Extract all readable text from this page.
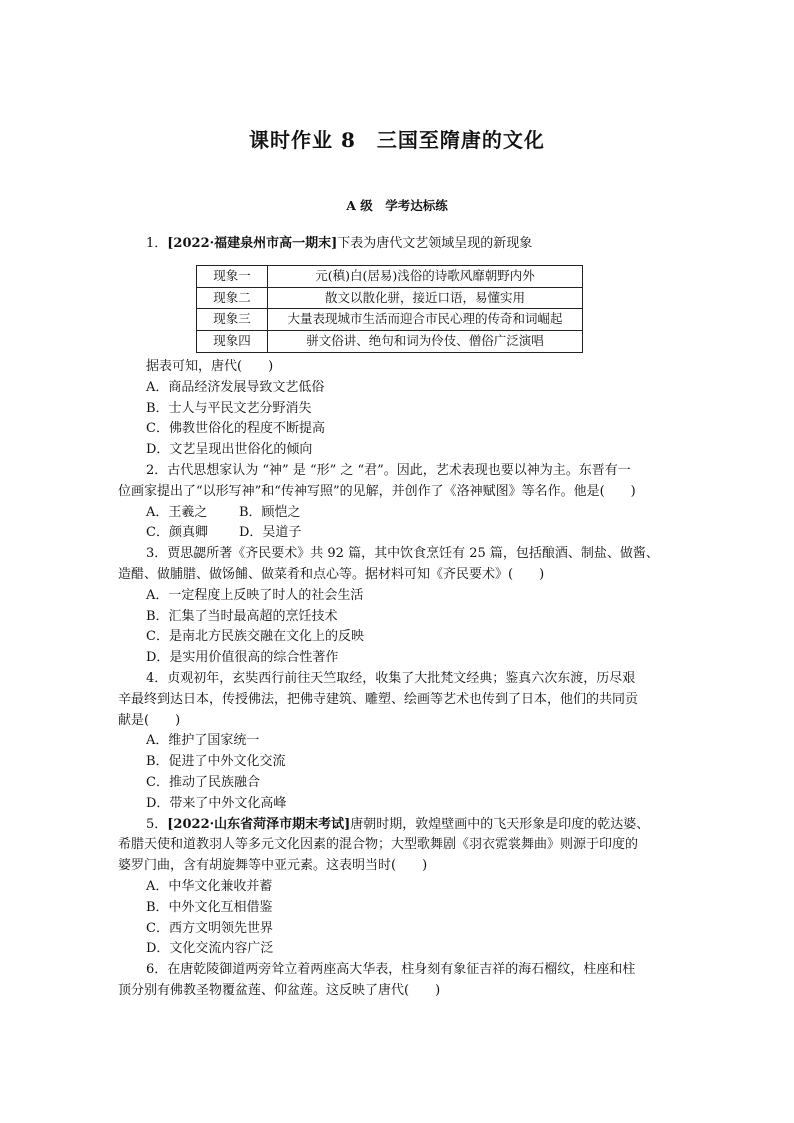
课时作业 8　三国至隋唐的文化
A 级　学考达标练

1．[2022·福建泉州市高一期末]下表为唐代文艺领域呈现的新现象

现象一	元(稹)白(居易)浅俗的诗歌风靡朝野内外
现象二	散文以散化骈，接近口语，易懂实用
现象三	大量表现城市生活而迎合市民心理的传奇和词崛起
现象四	骈文俗讲、绝句和词为伶伎、僧俗广泛演唱

据表可知，唐代(　　)

A．商品经济发展导致文艺低俗

B．士人与平民文艺分野消失

C．佛教世俗化的程度不断提高

D．文艺呈现出世俗化的倾向

2．古代思想家认为 “神” 是 “形” 之 “君”。因此，艺术表现也要以神为主。东晋有一

位画家提出了“以形写神”和“传神写照”的见解，并创作了《洛神赋图》等名作。他是(　　)

A．王羲之 B．顾恺之

C．颜真卿 D．吴道子

3．贾思勰所著《齐民要术》共 92 篇，其中饮食烹饪有 25 篇，包括酿酒、制盐、做酱、

造醋、做脯腊、做饧餔、做菜肴和点心等。据材料可知《齐民要术》(　　)

A．一定程度上反映了时人的社会生活

B．汇集了当时最高超的烹饪技术

C．是南北方民族交融在文化上的反映

D．是实用价值很高的综合性著作

4．贞观初年，玄奘西行前往天竺取经，收集了大批梵文经典；鉴真六次东渡，历尽艰

辛最终到达日本，传授佛法，把佛寺建筑、雕塑、绘画等艺术也传到了日本，他们的共同贡

献是(　　)

A．维护了国家统一

B．促进了中外文化交流

C．推动了民族融合

D．带来了中外文化高峰

5．[2022·山东省菏泽市期末考试]唐朝时期，敦煌壁画中的飞天形象是印度的乾达婆、

希腊天使和道教羽人等多元文化因素的混合物；大型歌舞剧《羽衣霓裳舞曲》则源于印度的

婆罗门曲，含有胡旋舞等中亚元素。这表明当时(　　)

A．中华文化兼收并蓄

B．中外文化互相借鉴

C．西方文明领先世界

D．文化交流内容广泛

6．在唐乾陵御道两旁耸立着两座高大华表，柱身刻有象征吉祥的海石榴纹，柱座和柱

顶分别有佛教圣物覆盆莲、仰盆莲。这反映了唐代(　　)
